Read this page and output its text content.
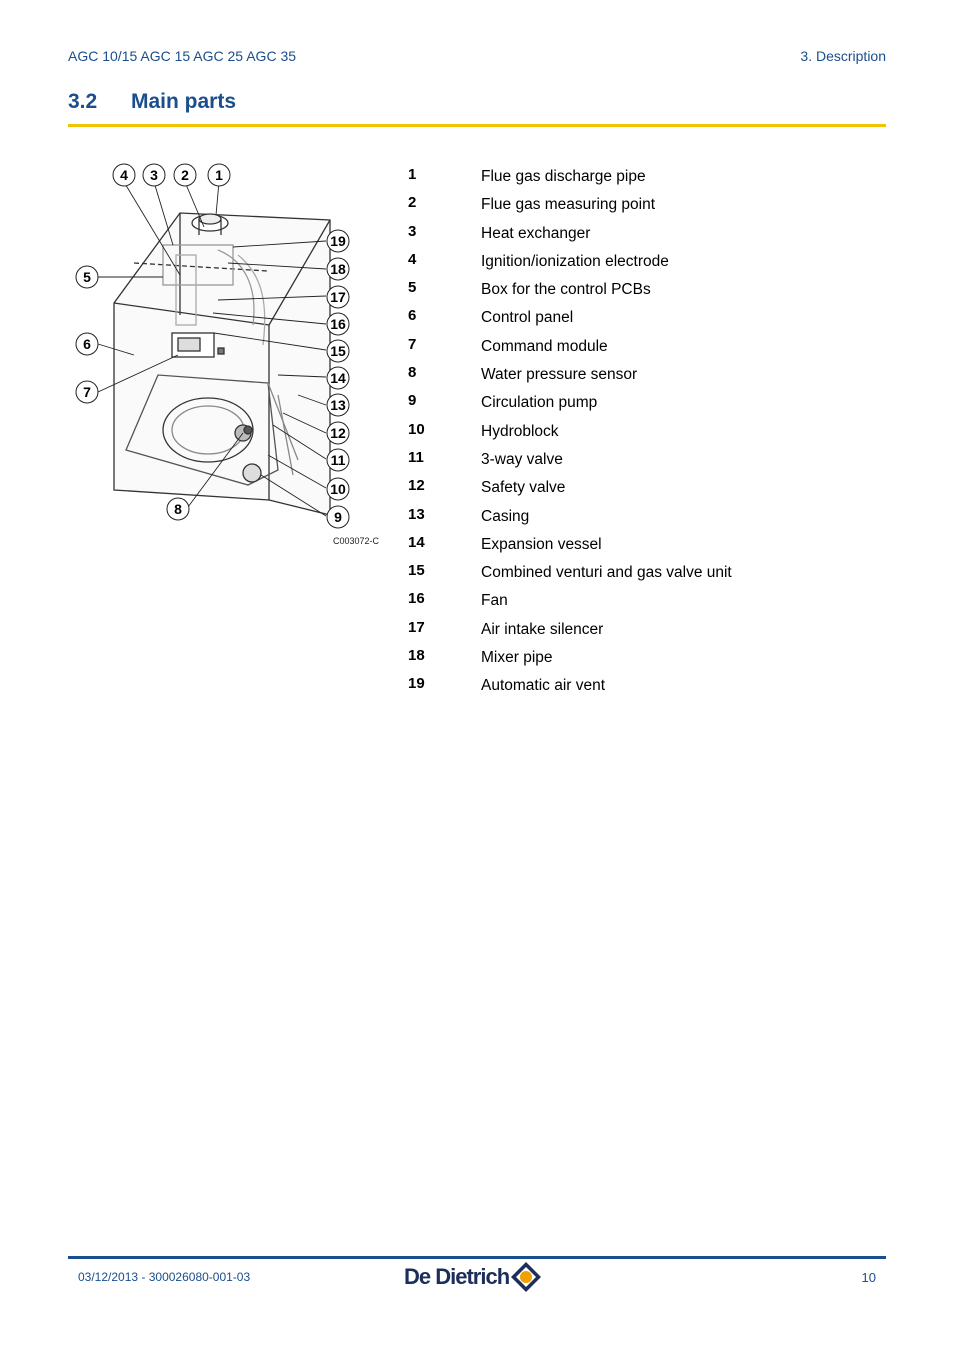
AGC 10/15 AGC 15 AGC 25 AGC 35	3. Description
3.2 Main parts
1
2
3
4
5
6
7
8	9
10
11
12
13
14
15
16
17
18
19
C003072-C
1	Flue gas discharge pipe
2	Flue gas measuring point
3	Heat exchanger
4	Ignition/ionization electrode
5	Box for the control PCBs
6	Control panel
7	Command module
8	Water pressure sensor
9	Circulation pump
10	Hydroblock
11	3-way valve
12	Safety valve
13	Casing
14	Expansion vessel
15	Combined venturi and gas valve unit
16	Fan
17	Air intake silencer
18	Mixer pipe
19	Automatic air vent
03/12/2013 - 300026080-001-03	De Dietrich	10
